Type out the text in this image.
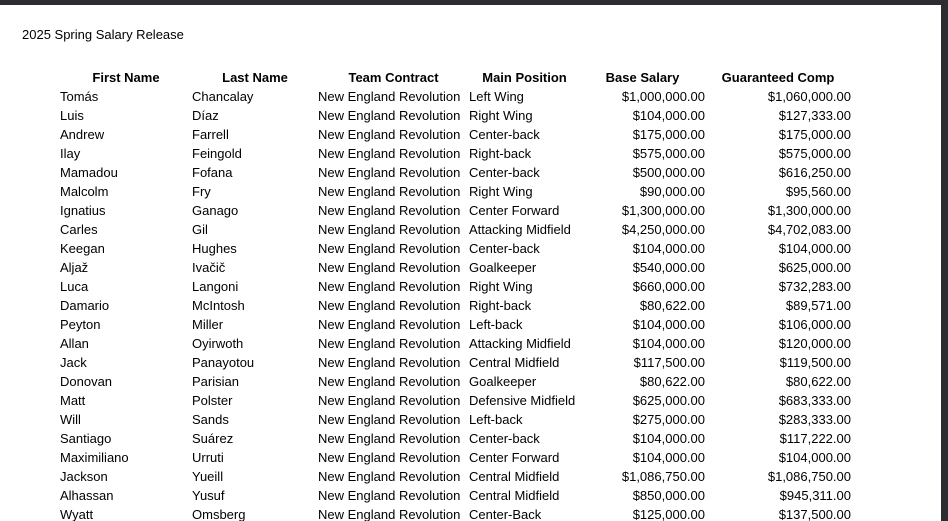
2025 Spring Salary Release
First Name	Last Name	Team Contract	Main Position	Base Salary	Guaranteed Comp
Tomás	Chancalay	New England Revolution	Left Wing	$1,000,000.00	$1,060,000.00
Luis	Díaz	New England Revolution	Right Wing	$104,000.00	$127,333.00
Andrew	Farrell	New England Revolution	Center-back	$175,000.00	$175,000.00
Ilay	Feingold	New England Revolution	Right-back	$575,000.00	$575,000.00
Mamadou	Fofana	New England Revolution	Center-back	$500,000.00	$616,250.00
Malcolm	Fry	New England Revolution	Right Wing	$90,000.00	$95,560.00
Ignatius	Ganago	New England Revolution	Center Forward	$1,300,000.00	$1,300,000.00
Carles	Gil	New England Revolution	Attacking Midfield	$4,250,000.00	$4,702,083.00
Keegan	Hughes	New England Revolution	Center-back	$104,000.00	$104,000.00
Aljaž	Ivačič	New England Revolution	Goalkeeper	$540,000.00	$625,000.00
Luca	Langoni	New England Revolution	Right Wing	$660,000.00	$732,283.00
Damario	McIntosh	New England Revolution	Right-back	$80,622.00	$89,571.00
Peyton	Miller	New England Revolution	Left-back	$104,000.00	$106,000.00
Allan	Oyirwoth	New England Revolution	Attacking Midfield	$104,000.00	$120,000.00
Jack	Panayotou	New England Revolution	Central Midfield	$117,500.00	$119,500.00
Donovan	Parisian	New England Revolution	Goalkeeper	$80,622.00	$80,622.00
Matt	Polster	New England Revolution	Defensive Midfield	$625,000.00	$683,333.00
Will	Sands	New England Revolution	Left-back	$275,000.00	$283,333.00
Santiago	Suárez	New England Revolution	Center-back	$104,000.00	$117,222.00
Maximiliano	Urruti	New England Revolution	Center Forward	$104,000.00	$104,000.00
Jackson	Yueill	New England Revolution	Central Midfield	$1,086,750.00	$1,086,750.00
Alhassan	Yusuf	New England Revolution	Central Midfield	$850,000.00	$945,311.00
Wyatt	Omsberg	New England Revolution	Center-Back	$125,000.00	$137,500.00
